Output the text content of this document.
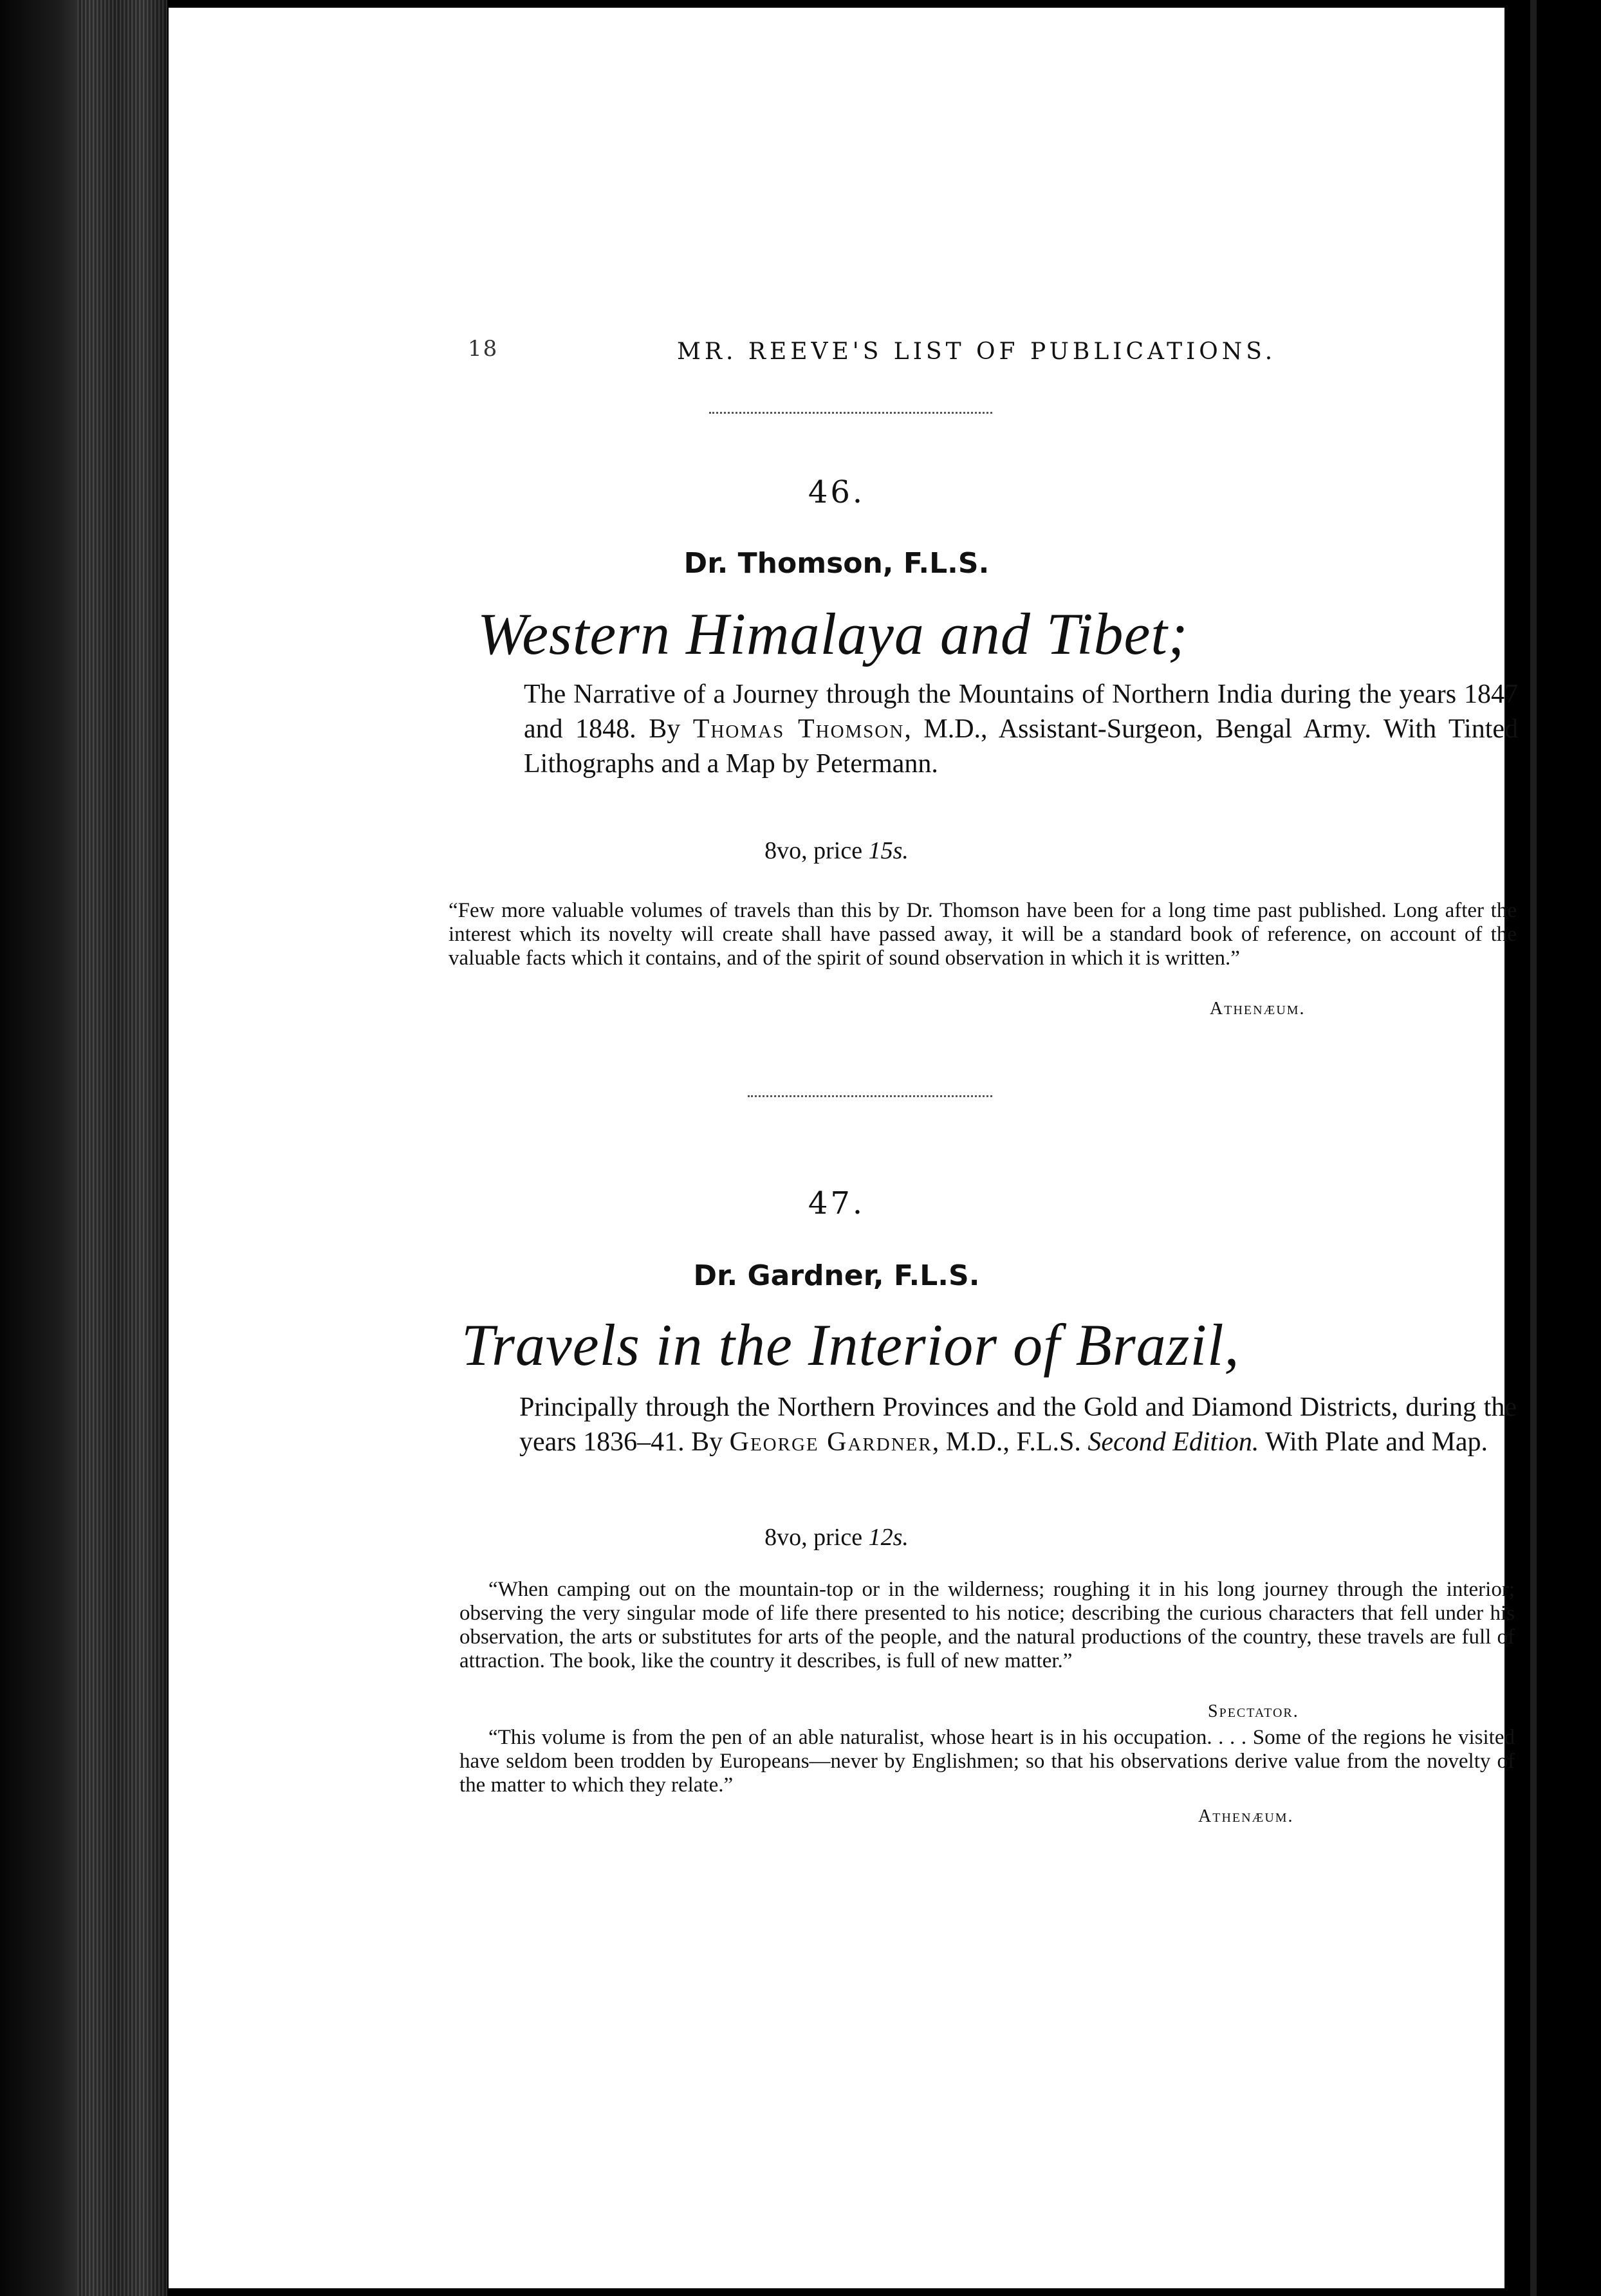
18	MR. REEVE'S LIST OF PUBLICATIONS.
46.
Dr. Thomson, F.L.S.
Western Himalaya and Tibet;
The Narrative of a Journey through the Mountains of Northern India during the years 1847 and 1848. By Thomas Thomson, M.D., Assistant-Surgeon, Bengal Army. With Tinted Lithographs and a Map by Petermann.
8vo, price 15s.
“Few more valuable volumes of travels than this by Dr. Thomson have been for a long time past published. Long after the interest which its novelty will create shall have passed away, it will be a standard book of reference, on account of the valuable facts which it contains, and of the spirit of sound observation in which it is written.”
Athenæum.
47.
Dr. Gardner, F.L.S.
Travels in the Interior of Brazil,
Principally through the Northern Provinces and the Gold and Diamond Districts, during the years 1836–41. By George Gardner, M.D., F.L.S. Second Edition. With Plate and Map.
8vo, price 12s.
“When camping out on the mountain-top or in the wilderness; roughing it in his long journey through the interior; observing the very singular mode of life there presented to his notice; describing the curious characters that fell under his observation, the arts or substitutes for arts of the people, and the natural productions of the country, these travels are full of attraction. The book, like the country it describes, is full of new matter.”
Spectator.
“This volume is from the pen of an able naturalist, whose heart is in his occupation. . . . Some of the regions he visited have seldom been trodden by Europeans—never by Englishmen; so that his observations derive value from the novelty of the matter to which they relate.”
Athenæum.
